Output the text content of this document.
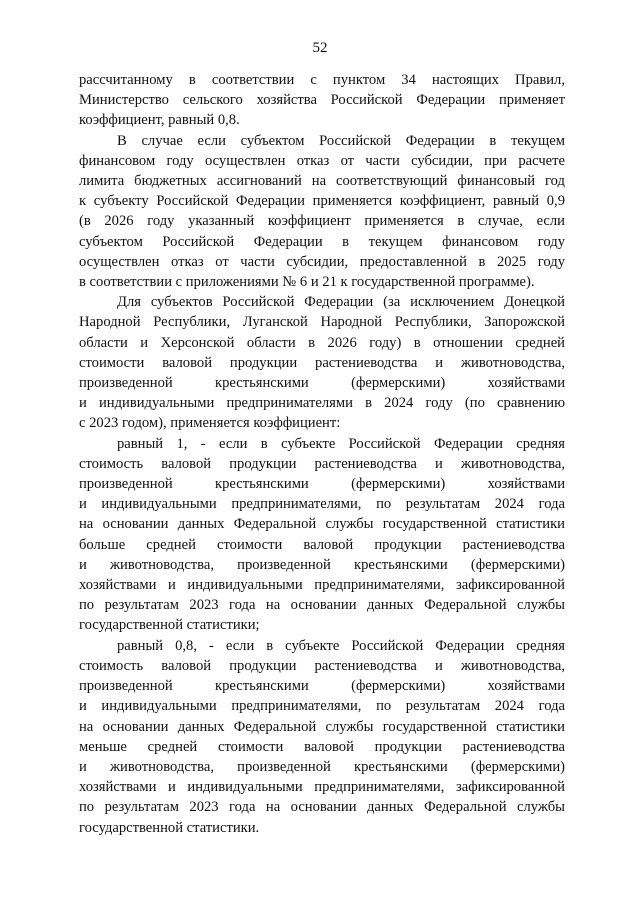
52

рассчитанному в соответствии с пунктом 34 настоящих Правил,
Министерство сельского хозяйства Российской Федерации применяет
коэффициент, равный 0,8.

В случае если субъектом Российской Федерации в текущем
финансовом году осуществлен отказ от части субсидии, при расчете
лимита бюджетных ассигнований на соответствующий финансовый год
к субъекту Российской Федерации применяется коэффициент, равный 0,9
(в 2026 году указанный коэффициент применяется в случае, если
субъектом Российской Федерации в текущем финансовом году
осуществлен отказ от части субсидии, предоставленной в 2025 году
в соответствии с приложениями № 6 и 21 к государственной программе).

Для субъектов Российской Федерации (за исключением Донецкой
Народной Республики, Луганской Народной Республики, Запорожской
области и Херсонской области в 2026 году) в отношении средней
стоимости валовой продукции растениеводства и животноводства,
произведенной крестьянскими (фермерскими) хозяйствами
и индивидуальными предпринимателями в 2024 году (по сравнению
с 2023 годом), применяется коэффициент:

равный 1, - если в субъекте Российской Федерации средняя
стоимость валовой продукции растениеводства и животноводства,
произведенной крестьянскими (фермерскими) хозяйствами
и индивидуальными предпринимателями, по результатам 2024 года
на основании данных Федеральной службы государственной статистики
больше средней стоимости валовой продукции растениеводства
и животноводства, произведенной крестьянскими (фермерскими)
хозяйствами и индивидуальными предпринимателями, зафиксированной
по результатам 2023 года на основании данных Федеральной службы
государственной статистики;

равный 0,8, - если в субъекте Российской Федерации средняя
стоимость валовой продукции растениеводства и животноводства,
произведенной крестьянскими (фермерскими) хозяйствами
и индивидуальными предпринимателями, по результатам 2024 года
на основании данных Федеральной службы государственной статистики
меньше средней стоимости валовой продукции растениеводства
и животноводства, произведенной крестьянскими (фермерскими)
хозяйствами и индивидуальными предпринимателями, зафиксированной
по результатам 2023 года на основании данных Федеральной службы
государственной статистики.
